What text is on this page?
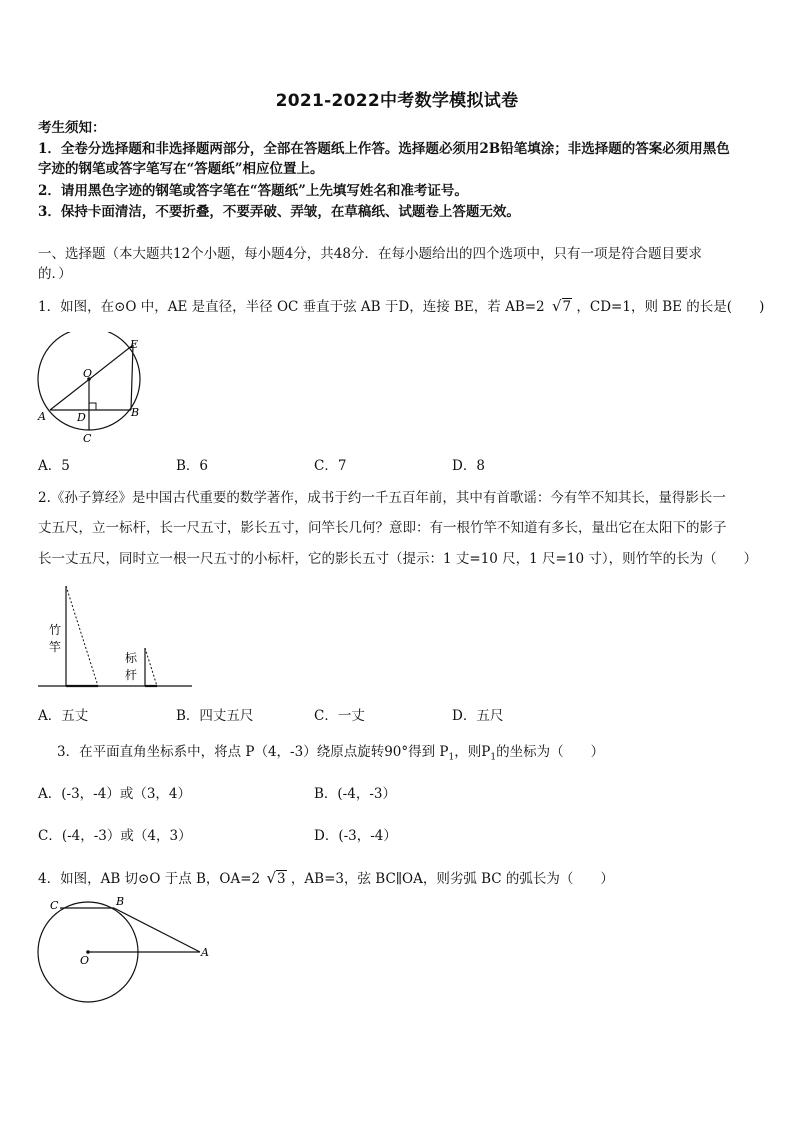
2021-2022中考数学模拟试卷
考生须知：
1．全卷分选择题和非选择题两部分，全部在答题纸上作答。选择题必须用2B铅笔填涂；非选择题的答案必须用黑色
字迹的钢笔或答字笔写在“答题纸”相应位置上。
2．请用黑色字迹的钢笔或答字笔在“答题纸”上先填写姓名和准考证号。
3．保持卡面清洁，不要折叠，不要弄破、弄皱，在草稿纸、试题卷上答题无效。
一、选择题（本大题共12个小题，每小题4分，共48分．在每小题给出的四个选项中，只有一项是符合题目要求
的．）
1．如图，在⊙O 中，AE 是直径，半径 OC 垂直于弦 AB 于D，连接 BE，若 AB=2 √7 ，CD=1，则 BE 的长是(　　)
A	B
C
D
E
O
A．5	B．6	C．7	D．8
2.《孙子算经》是中国古代重要的数学著作，成书于约一千五百年前，其中有首歌谣：今有竿不知其长，量得影长一
丈五尺，立一标杆，长一尺五寸，影长五寸，问竿长几何？意即：有一根竹竿不知道有多长，量出它在太阳下的影子
长一丈五尺，同时立一根一尺五寸的小标杆，它的影长五寸（提示：1 丈=10 尺，1 尺=10 寸），则竹竿的长为（　　）
竹
竿
标
杆
A．五丈	B．四丈五尺	C．一丈	D．五尺
3．在平面直角坐标系中，将点 P（4，-3）绕原点旋转90°得到 $P_1$，则$P_1$的坐标为（　　）
A．(-3，-4）或（3，4）	B．(-4，-3）
C．(-4，-3）或（4，3）	D．(-3，-4）
4．如图，AB 切⊙O 于点 B，OA=2 √3 ，AB=3，弦 BC∥OA，则劣弧 BC 的弧长为（　　）
C	B
A
O
